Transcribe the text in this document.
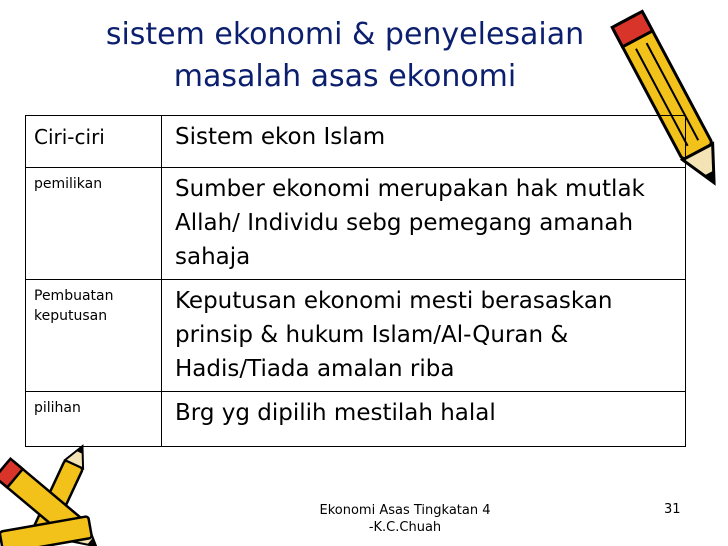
sistem ekonomi & penyelesaian
masalah asas ekonomi
Ciri-ciri	Sistem ekon Islam

pemilikan	Sumber ekonomi merupakan hak mutlak Allah/ Individu sebg pemegang amanah sahaja

Pembuatan keputusan	Keputusan ekonomi mesti berasaskan prinsip & hukum Islam/Al-Quran & Hadis/Tiada amalan riba

pilihan	Brg yg dipilih mestilah halal
Ekonomi Asas Tingkatan 4
-K.C.Chuah
31
